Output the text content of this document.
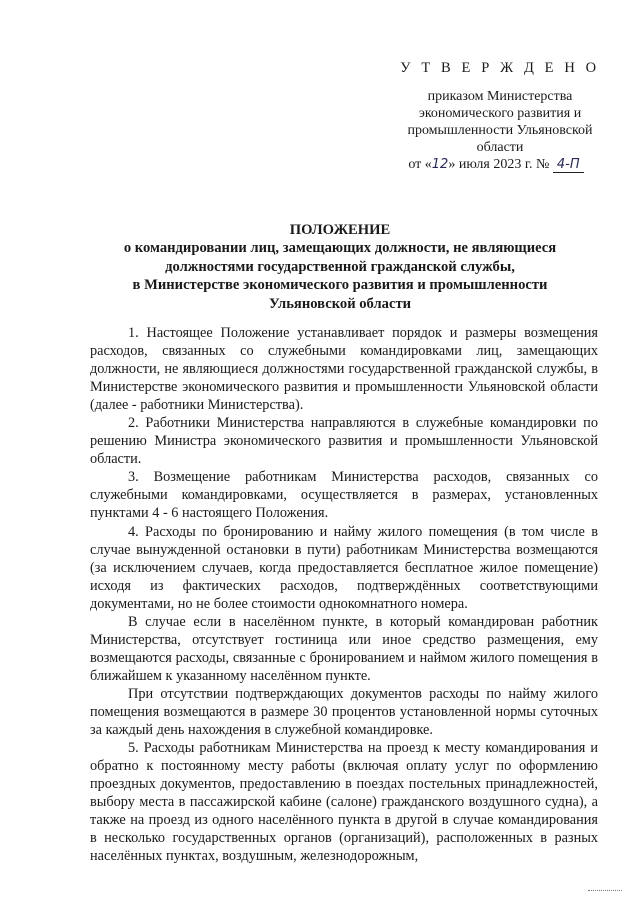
У Т В Е Р Ж Д Е Н О
приказом Министерства
экономического развития и
промышленности Ульяновской
области
от «12» июля 2023 г. № 4-П
ПОЛОЖЕНИЕ
о командировании лиц, замещающих должности, не являющиеся
должностями государственной гражданской службы,
в Министерстве экономического развития и промышленности
Ульяновской области

1. Настоящее Положение устанавливает порядок и размеры возмещения расходов, связанных со служебными командировками лиц, замещающих должности, не являющиеся должностями государственной гражданской службы, в Министерстве экономического развития и промышленности Ульяновской области (далее - работники Министерства).

2. Работники Министерства направляются в служебные командировки по решению Министра экономического развития и промышленности Ульяновской области.

3. Возмещение работникам Министерства расходов, связанных со служебными командировками, осуществляется в размерах, установленных пунктами 4 - 6 настоящего Положения.

4. Расходы по бронированию и найму жилого помещения (в том числе в случае вынужденной остановки в пути) работникам Министерства возмещаются (за исключением случаев, когда предоставляется бесплатное жилое помещение) исходя из фактических расходов, подтверждённых соответствующими документами, но не более стоимости однокомнатного номера.

В случае если в населённом пункте, в который командирован работник Министерства, отсутствует гостиница или иное средство размещения, ему возмещаются расходы, связанные с бронированием и наймом жилого помещения в ближайшем к указанному населённом пункте.

При отсутствии подтверждающих документов расходы по найму жилого помещения возмещаются в размере 30 процентов установленной нормы суточных за каждый день нахождения в служебной командировке.

5. Расходы работникам Министерства на проезд к месту командирования и обратно к постоянному месту работы (включая оплату услуг по оформлению проездных документов, предоставлению в поездах постельных принадлежностей, выбору места в пассажирской кабине (салоне) гражданского воздушного судна), а также на проезд из одного населённого пункта в другой в случае командирования в несколько государственных органов (организаций), расположенных в разных населённых пунктах, воздушным, железнодорожным,
